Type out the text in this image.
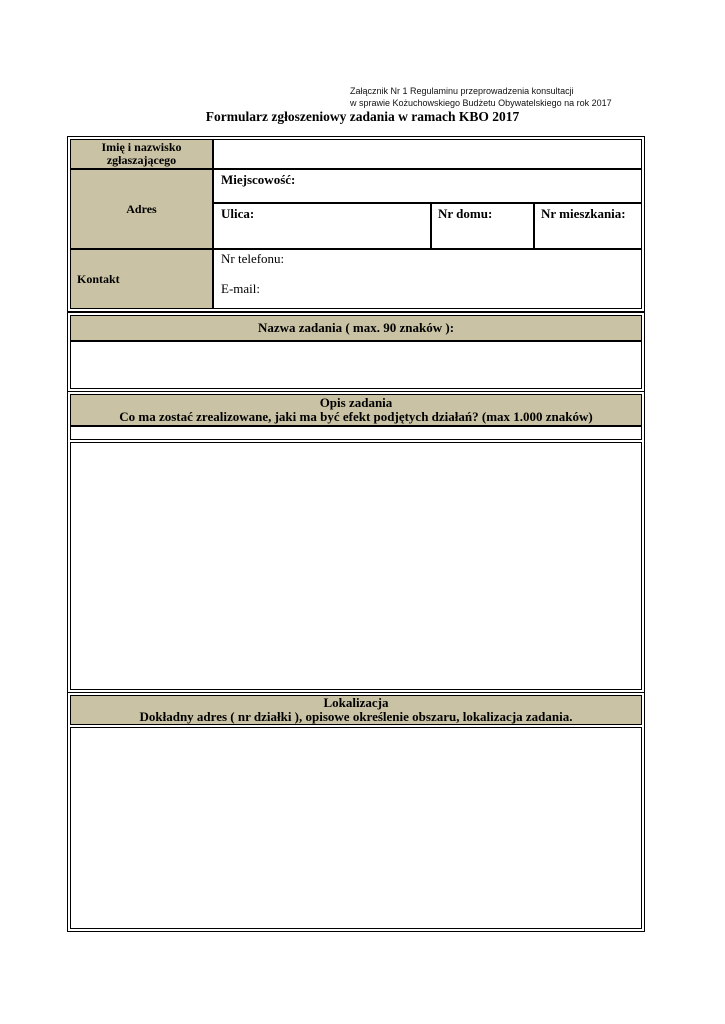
Załącznik Nr 1 Regulaminu przeprowadzenia konsultacji
w sprawie Kożuchowskiego Budżetu Obywatelskiego na rok 2017
Formularz zgłoszeniowy zadania w ramach KBO 2017
Imię i nazwisko
zgłaszającego
Adres
Miejscowość:
Ulica:	Nr domu:	Nr mieszkania:
Kontakt
Nr telefonu:
E-mail:
Nazwa zadania ( max. 90 znaków ):
Opis zadania
Co ma zostać zrealizowane, jaki ma być efekt podjętych działań? (max 1.000 znaków)
Lokalizacja
Dokładny adres ( nr działki ), opisowe określenie obszaru, lokalizacja zadania.
